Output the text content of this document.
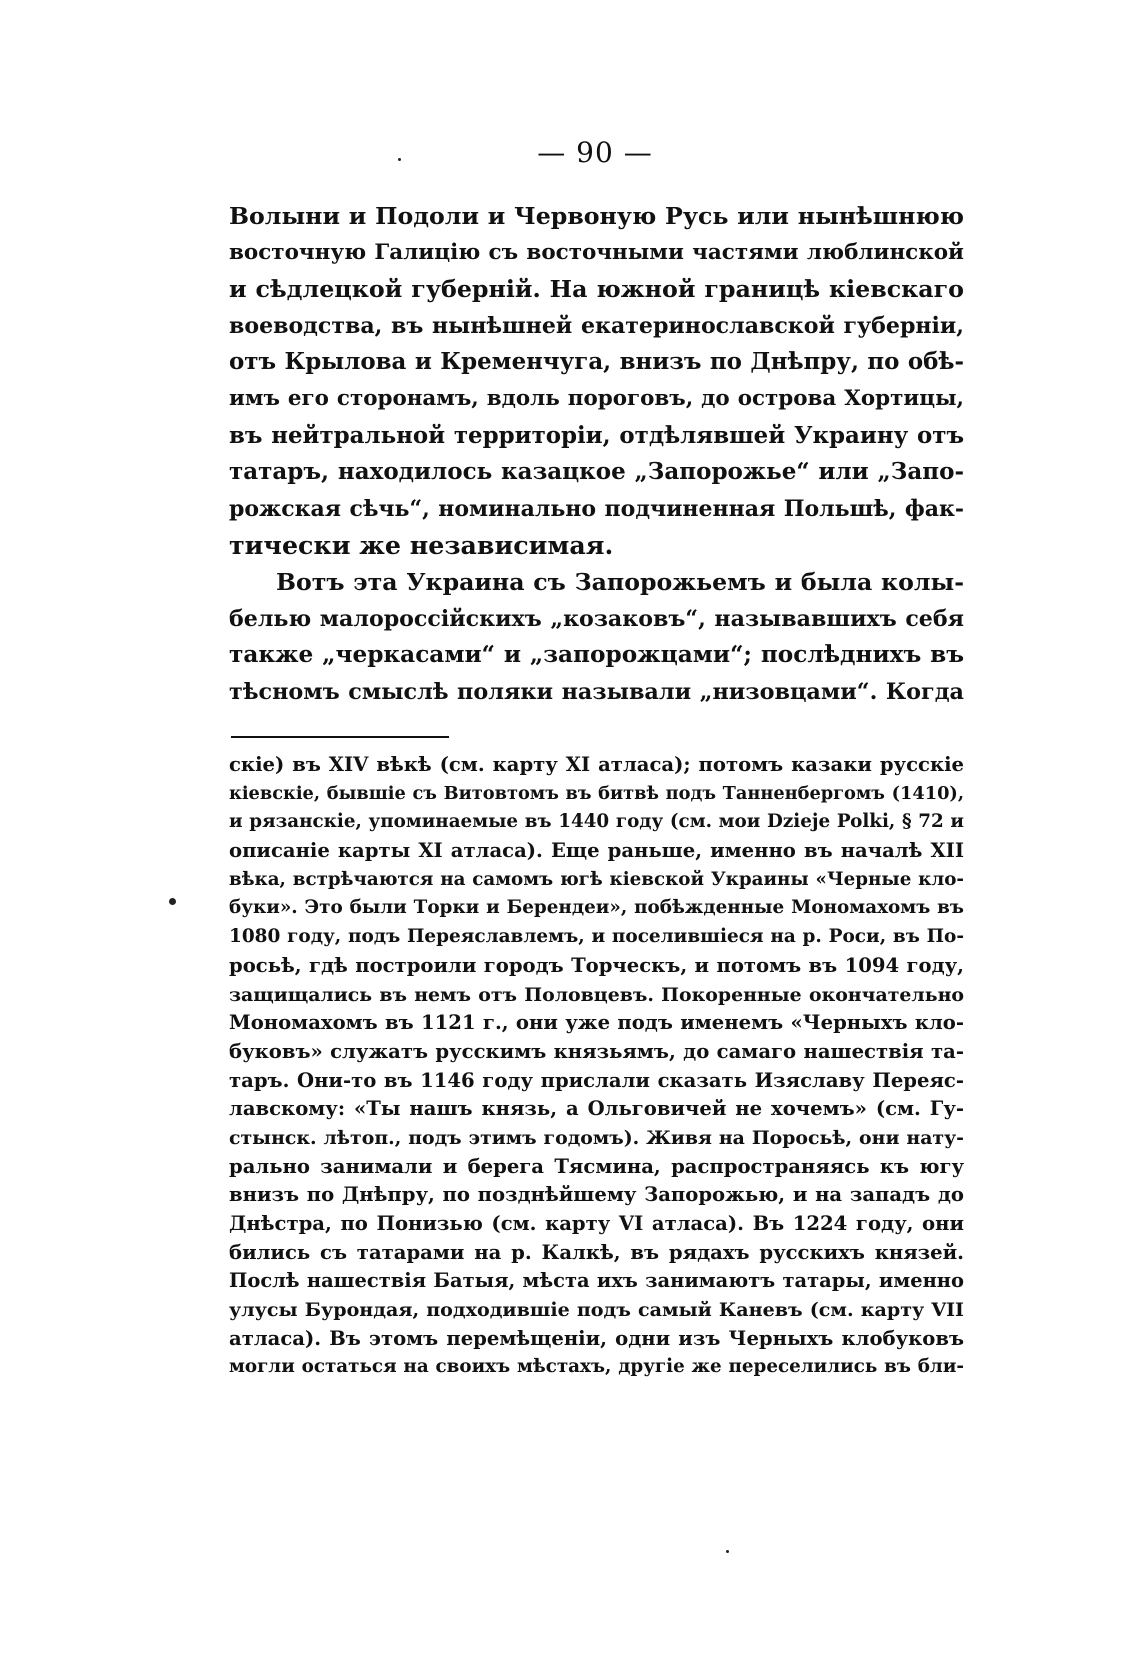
— 90 —
Волыни и Подоли и Червоную Русь или нынѣшнюю
восточную Галицію съ восточными частями люблинской
и сѣдлецкой губерній. На южной границѣ кіевскаго
воеводства, въ нынѣшней екатеринославской губерніи,
отъ Крылова и Кременчуга, внизъ по Днѣпру, по обѣ-
имъ его сторонамъ, вдоль пороговъ, до острова Хортицы,
въ нейтральной территоріи, отдѣлявшей Украину отъ
татаръ, находилось казацкое „Запорожье“ или „Запо-
рожская сѣчь“, номинально подчиненная Польшѣ, фак-
тически же независимая.
Вотъ эта Украина съ Запорожьемъ и была колы-
белью малороссійскихъ „козаковъ“, называвшихъ себя
также „черкасами“ и „запорожцами“; послѣднихъ въ
тѣсномъ смыслѣ поляки называли „низовцами“. Когда
скіе) въ XIV вѣкѣ (см. карту XI атласа); потомъ казаки русскіе
кіевскіе, бывшіе съ Витовтомъ въ битвѣ подъ Танненбергомъ (1410),
и рязанскіе, упоминаемые въ 1440 году (см. мои Dzieje Polki, § 72 и
описаніе карты XI атласа). Еще раньше, именно въ началѣ XII
вѣка, встрѣчаются на самомъ югѣ кіевской Украины «Черные кло-
буки». Это были Торки и Берендеи», побѣжденные Мономахомъ въ
1080 году, подъ Переяславлемъ, и поселившіеся на р. Роси, въ По-
росьѣ, гдѣ построили городъ Торческъ, и потомъ въ 1094 году,
защищались въ немъ отъ Половцевъ. Покоренные окончательно
Мономахомъ въ 1121 г., они уже подъ именемъ «Черныхъ кло-
буковъ» служатъ русскимъ князьямъ, до самаго нашествія та-
таръ. Они-то въ 1146 году прислали сказать Изяславу Переяс-
лавскому: «Ты нашъ князь, а Ольговичей не хочемъ» (см. Гу-
стынск. лѣтоп., подъ этимъ годомъ). Живя на Поросьѣ, они нату-
рально занимали и берега Тясмина, распространяясь къ югу
внизъ по Днѣпру, по позднѣйшему Запорожью, и на западъ до
Днѣстра, по Понизью (см. карту VI атласа). Въ 1224 году, они
бились съ татарами на р. Калкѣ, въ рядахъ русскихъ князей.
Послѣ нашествія Батыя, мѣста ихъ занимаютъ татары, именно
улусы Бурондая, подходившіе подъ самый Каневъ (см. карту VII
атласа). Въ этомъ перемѣщеніи, одни изъ Черныхъ клобуковъ
могли остаться на своихъ мѣстахъ, другіе же переселились въ бли-
